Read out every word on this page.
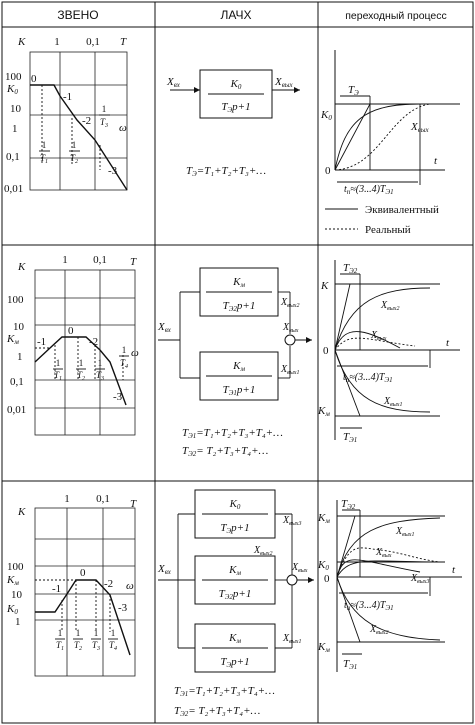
ЗВЕНО	ЛАЧХ	переходный процесс
K	1 0,1 T
100
K0
10
1
0,1
0,01
0
-1
-2
-3
ω
1
$T_1$
1
$T_2$
1
$T_3$
Xвх	Xвых
K0
TЭp+1
TЭ=T₁+T₂+T₃+…
TЭ
K0
0
t
Xвых
$t_п\approx(3...4)T_{Э1}$
Эквивалентный
Реальный
K
1 0,1 T
100
10
Kм
1
0,1
0,01
-1
0
-2
-3
ω
1
$T_1$
1
$T_2$
1
$T_3$
1
$T_4$
Xвх	$X_{вых}$
$X_{вых2}$
$X_{вых1}$
Kм
TЭ2p+1
Kм
TЭ1p+1
TЭ1=T₁+T₂+T₃+T₄+…
TЭ2= T₂+T₃+T₄+…
TЭ2
K
0
t
$X_{вых2}$
$X_{вых}$
$t_п\approx(3...4)T_{Э1}$
$X_{вых1}$
Kм
TЭ1
K
1 0,1 T
100
Kм
10
K0
1
-1
0
-2
-3
ω
1
$T_1$
1
$T_2$
1
$T_3$
1
$T_4$
Xвх	$X_{вых}$
$X_{вых3}$
$X_{вых2}$
$X_{вых1}$
K0
TЭp+1
Kм
TЭ2p+1
Kм
TЭp+1
TЭ1=T₁+T₂+T₃+T₄+…
TЭ2= T₂+T₃+T₄+…
TЭ2
Kм
K0
0
t
$X_{вых1}$
$X_{вых}$
$X_{вых3}$
$t_п\approx(3...4)T_{Э1}$
$X_{вых2}$
Kм
TЭ1
